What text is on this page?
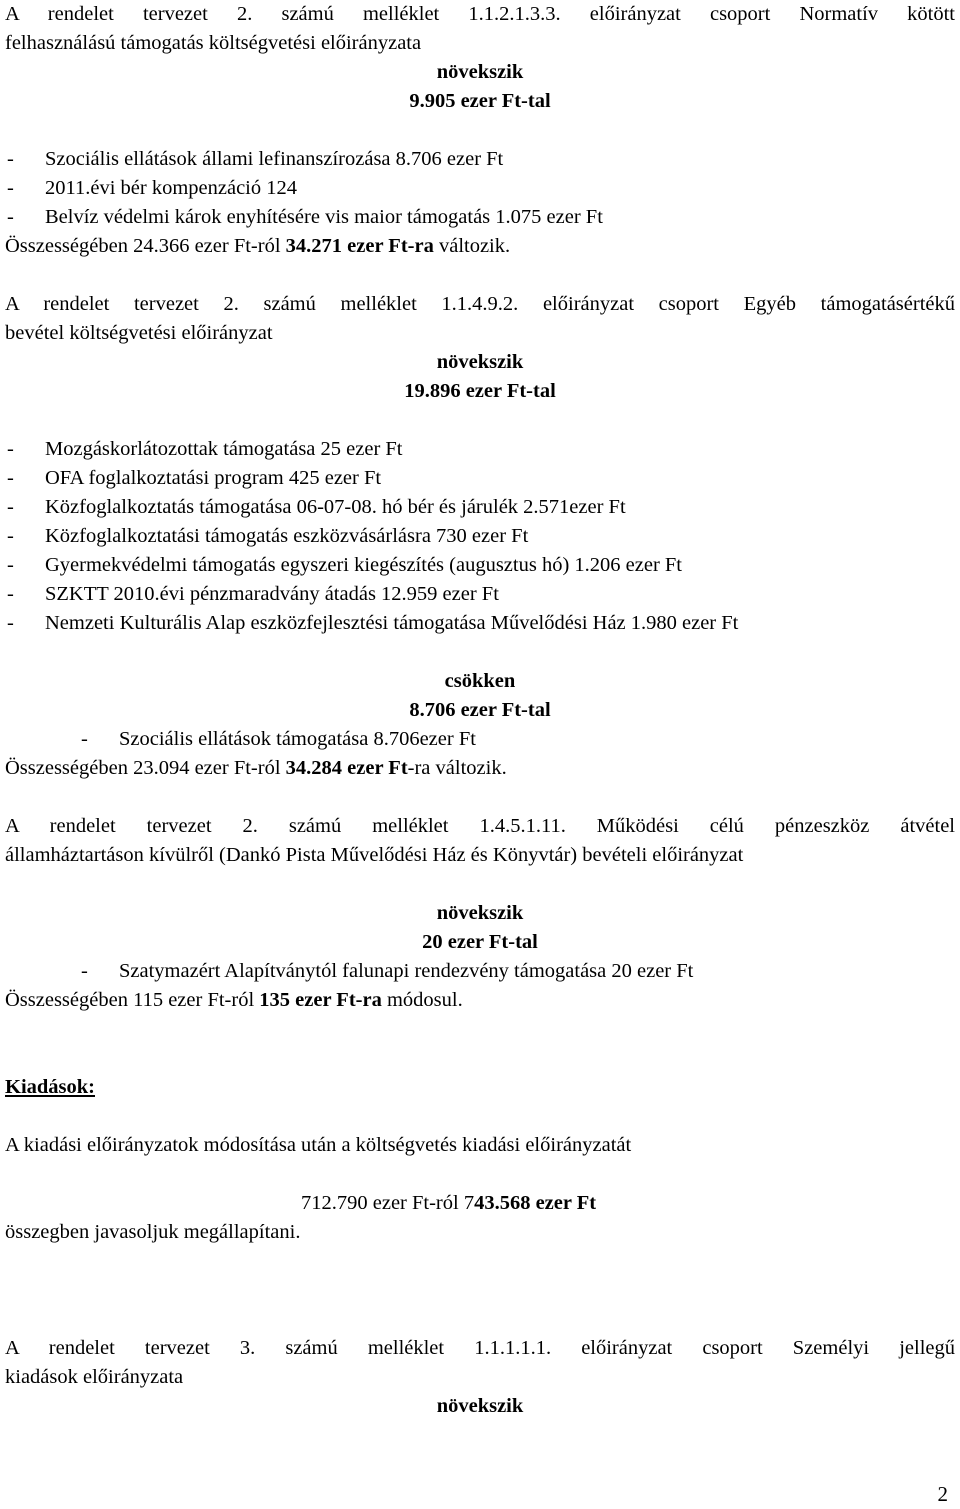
A rendelet tervezet 2. számú melléklet 1.1.2.1.3.3. előirányzat csoport Normatív kötött
felhasználású támogatás költségvetési előirányzata
növekszik
9.905 ezer Ft-tal
- Szociális ellátások állami lefinanszírozása 8.706 ezer Ft
- 2011.évi bér kompenzáció 124
- Belvíz védelmi károk enyhítésére vis maior támogatás 1.075 ezer Ft
Összességében 24.366 ezer Ft-ról 34.271 ezer Ft-ra változik.
A rendelet tervezet 2. számú melléklet 1.1.4.9.2. előirányzat csoport Egyéb támogatásértékű
bevétel költségvetési előirányzat
növekszik
19.896 ezer Ft-tal
- Mozgáskorlátozottak támogatása 25 ezer Ft
- OFA foglalkoztatási program 425 ezer Ft
- Közfoglalkoztatás támogatása 06-07-08. hó bér és járulék 2.571ezer Ft
- Közfoglalkoztatási támogatás eszközvásárlásra 730 ezer Ft
- Gyermekvédelmi támogatás egyszeri kiegészítés (augusztus hó) 1.206 ezer Ft
- SZKTT 2010.évi pénzmaradvány átadás 12.959 ezer Ft
- Nemzeti Kulturális Alap eszközfejlesztési támogatása Művelődési Ház 1.980 ezer Ft
csökken
8.706 ezer Ft-tal
- Szociális ellátások támogatása 8.706ezer Ft
Összességében 23.094 ezer Ft-ról 34.284 ezer Ft-ra változik.
A rendelet tervezet 2. számú melléklet 1.4.5.1.11. Működési célú pénzeszköz átvétel
államháztartáson kívülről (Dankó Pista Művelődési Ház és Könyvtár) bevételi előirányzat
növekszik
20 ezer Ft-tal
- Szatymazért Alapítványtól falunapi rendezvény támogatása 20 ezer Ft
Összességében 115 ezer Ft-ról 135 ezer Ft-ra módosul.
Kiadások:
A kiadási előirányzatok módosítása után a költségvetés kiadási előirányzatát
712.790 ezer Ft-ról 743.568 ezer Ft
összegben javasoljuk megállapítani.
A rendelet tervezet 3. számú melléklet 1.1.1.1.1. előirányzat csoport Személyi jellegű
kiadások előirányzata
növekszik
2
